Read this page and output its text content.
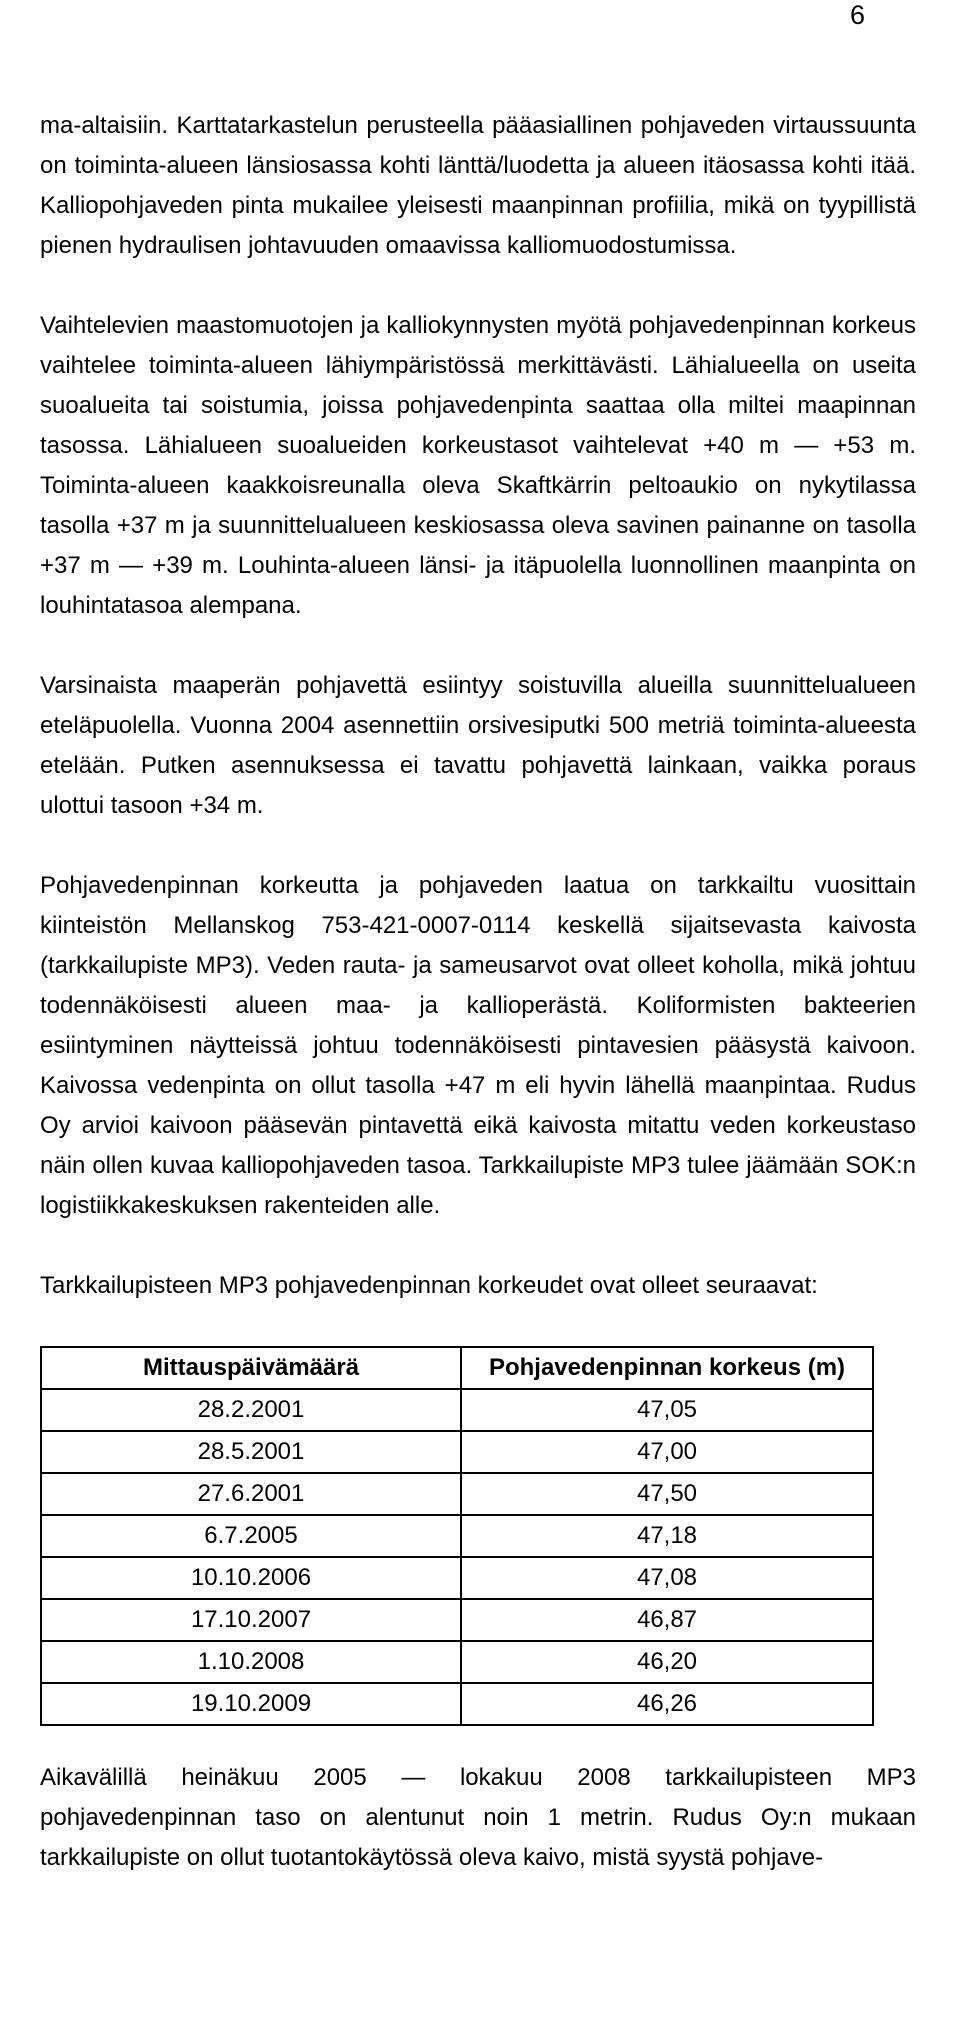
6

ma-altaisiin. Karttatarkastelun perusteella pääasiallinen pohjaveden virtaussuunta on toiminta-alueen länsiosassa kohti länttä/luodetta ja alueen itäosassa kohti itää. Kalliopohjaveden pinta mukailee yleisesti maanpinnan profiilia, mikä on tyypillistä pienen hydraulisen johtavuuden omaavissa kalliomuodostumissa.

Vaihtelevien maastomuotojen ja kalliokynnysten myötä pohjavedenpinnan korkeus vaihtelee toiminta-alueen lähiympäristössä merkittävästi. Lähialueella on useita suoalueita tai soistumia, joissa pohjavedenpinta saattaa olla miltei maapinnan tasossa. Lähialueen suoalueiden korkeustasot vaihtelevat +40 m — +53 m. Toiminta-alueen kaakkoisreunalla oleva Skaftkärrin peltoaukio on nykytilassa tasolla +37 m ja suunnittelualueen keskiosassa oleva savinen painanne on tasolla +37 m — +39 m. Louhinta-alueen länsi- ja itäpuolella luonnollinen maanpinta on louhintatasoa alempana.

Varsinaista maaperän pohjavettä esiintyy soistuvilla alueilla suunnittelualueen eteläpuolella. Vuonna 2004 asennettiin orsivesiputki 500 metriä toiminta-alueesta etelään. Putken asennuksessa ei tavattu pohjavettä lainkaan, vaikka poraus ulottui tasoon +34 m.

Pohjavedenpinnan korkeutta ja pohjaveden laatua on tarkkailtu vuosittain kiinteistön Mellanskog 753-421-0007-0114 keskellä sijaitsevasta kaivosta (tarkkailupiste MP3). Veden rauta- ja sameusarvot ovat olleet koholla, mikä johtuu todennäköisesti alueen maa- ja kallioperästä. Koliformisten bakteerien esiintyminen näytteissä johtuu todennäköisesti pintavesien pääsystä kaivoon. Kaivossa vedenpinta on ollut tasolla +47 m eli hyvin lähellä maanpintaa. Rudus Oy arvioi kaivoon pääsevän pintavettä eikä kaivosta mitattu veden korkeustaso näin ollen kuvaa kalliopohjaveden tasoa. Tarkkailupiste MP3 tulee jäämään SOK:n logistiikkakeskuksen rakenteiden alle.

Tarkkailupisteen MP3 pohjavedenpinnan korkeudet ovat olleet seuraavat:

Mittauspäivämäärä	Pohjavedenpinnan korkeus (m)
28.2.2001	47,05
28.5.2001	47,00
27.6.2001	47,50
6.7.2005	47,18
10.10.2006	47,08
17.10.2007	46,87
1.10.2008	46,20
19.10.2009	46,26

Aikavälillä heinäkuu 2005 — lokakuu 2008 tarkkailupisteen MP3 pohjavedenpinnan taso on alentunut noin 1 metrin. Rudus Oy:n mukaan tarkkailupiste on ollut tuotantokäytössä oleva kaivo, mistä syystä pohjave-
